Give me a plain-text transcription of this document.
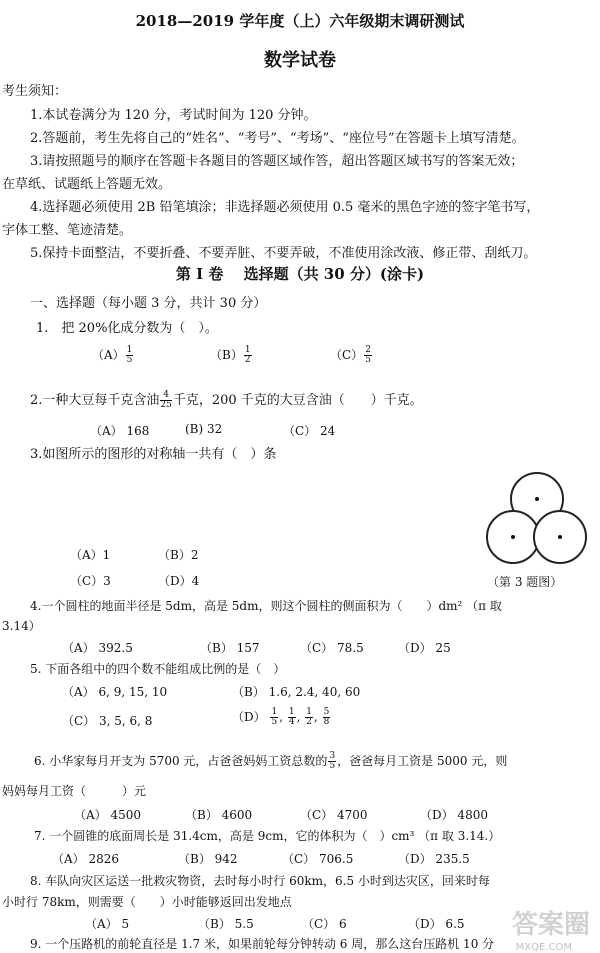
2018—2019 学年度（上）六年级期末调研测试
数学试卷
考生须知：
1.本试卷满分为 120 分，考试时间为 120 分钟。
2.答题前，考生先将自己的“姓名”、“考号”、“考场”、“座位号”在答题卡上填写清楚。
3.请按照题号的顺序在答题卡各题目的答题区域作答，超出答题区域书写的答案无效；
在草纸、试题纸上答题无效。
4.选择题必须使用 2B 铅笔填涂；非选择题必须使用 0.5 毫米的黑色字迹的签字笔书写，
字体工整、笔迹清楚。
5.保持卡面整洁，不要折叠、不要弄脏、不要弄破，不准使用涂改液、修正带、刮纸刀。
第 I 卷　 选择题（共 30 分）(涂卡)
一、选择题（每小题 3 分，共计 30 分）
1.　把 20%化成分数为（　）。
$(A) \frac{1}{5}$	$(B) \frac{1}{2}$	$(C) \frac{2}{5}$
2.一种大豆每千克含油 $\frac{4}{25}$ 千克，200 千克的大豆含油（　　）千克。
（A） 168	(B) 32	（C） 24
3.如图所示的图形的对称轴一共有（　）条
（A）1	（B）2
（C）3	（D）4	（第 3 题图）
4.一个圆柱的地面半径是 5dm，高是 5dm，则这个圆柱的侧面积为（　　）dm² （π 取
3.14）
（A） 392.5	（B） 157	（C） 78.5	（D） 25
5. 下面各组中的四个数不能组成比例的是（　）
（A） 6, 9, 15, 10	（B） 1.6, 2.4, 40, 60
（C） 3, 5, 6, 8	$(D) \frac{1}{5}$ , $\frac{1}{4}$ , $\frac{1}{2}$ , $\frac{5}{8}$
6. 小华家每月开支为 5700 元，占爸爸妈妈工资总数的 $\frac{3}{5}$ ，爸爸每月工资是 5000 元，则
妈妈每月工资（　　　）元
（A） 4500	（B） 4600	（C） 4700	（D） 4800
7. 一个圆锥的底面周长是 31.4cm，高是 9cm，它的体积为（　）cm³ （π 取 3.14.）
（A） 2826	（B） 942	（C） 706.5	（D） 235.5
8. 车队向灾区运送一批救灾物资，去时每小时行 60km，6.5 小时到达灾区，回来时每
小时行 78km，则需要（　　）小时能够返回出发地点
（A） 5	（B） 5.5	（C） 6	（D） 6.5
9. 一个压路机的前轮直径是 1.7 米，如果前轮每分钟转动 6 周，那么这台压路机 10 分
答案圈
MXQE.COM
